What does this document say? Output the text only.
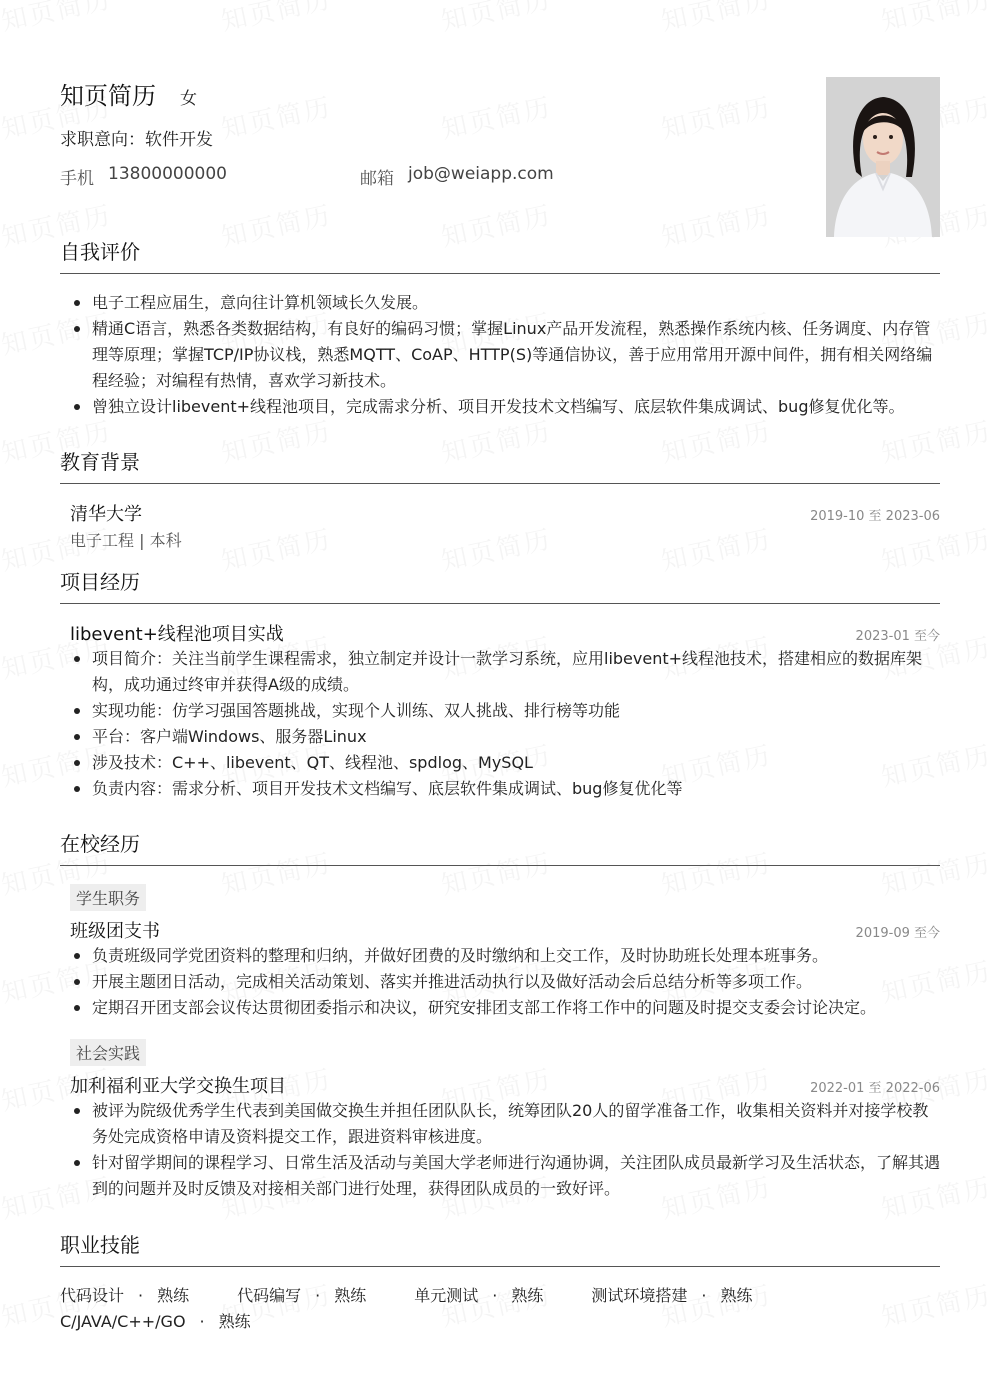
知页简历 女
求职意向：软件开发
手机 13800000000	邮箱 job@weiapp.com
自我评价
电子工程应届生，意向往计算机领域长久发展。
精通C语言，熟悉各类数据结构，有良好的编码习惯；掌握Linux产品开发流程，熟悉操作系统内核、任务调度、内存管理等原理；掌握TCP/IP协议栈，熟悉MQTT、CoAP、HTTP(S)等通信协议，善于应用常用开源中间件，拥有相关网络编程经验；对编程有热情，喜欢学习新技术。
曾独立设计libevent+线程池项目，完成需求分析、项目开发技术文档编写、底层软件集成调试、bug修复优化等。
教育背景
清华大学	2019-10 至 2023-06
电子工程 | 本科
项目经历
libevent+线程池项目实战	2023-01 至今
项目简介：关注当前学生课程需求，独立制定并设计一款学习系统，应用libevent+线程池技术，搭建相应的数据库架构，成功通过终审并获得A级的成绩。
实现功能：仿学习强国答题挑战，实现个人训练、双人挑战、排行榜等功能
平台：客户端Windows、服务器Linux
涉及技术：C++、libevent、QT、线程池、spdlog、MySQL
负责内容：需求分析、项目开发技术文档编写、底层软件集成调试、bug修复优化等
在校经历
学生职务
班级团支书	2019-09 至今
负责班级同学党团资料的整理和归纳，并做好团费的及时缴纳和上交工作，及时协助班长处理本班事务。
开展主题团日活动，完成相关活动策划、落实并推进活动执行以及做好活动会后总结分析等多项工作。
定期召开团支部会议传达贯彻团委指示和决议，研究安排团支部工作将工作中的问题及时提交支委会讨论决定。
社会实践
加利福利亚大学交换生项目	2022-01 至 2022-06
被评为院级优秀学生代表到美国做交换生并担任团队队长，统筹团队20人的留学准备工作，收集相关资料并对接学校教务处完成资格申请及资料提交工作，跟进资料审核进度。
针对留学期间的课程学习、日常生活及活动与美国大学老师进行沟通协调，关注团队成员最新学习及生活状态，了解其遇到的问题并及时反馈及对接相关部门进行处理，获得团队成员的一致好评。
职业技能
代码设计 · 熟练	代码编写 · 熟练	单元测试 · 熟练	测试环境搭建 · 熟练
C/JAVA/C++/GO · 熟练
